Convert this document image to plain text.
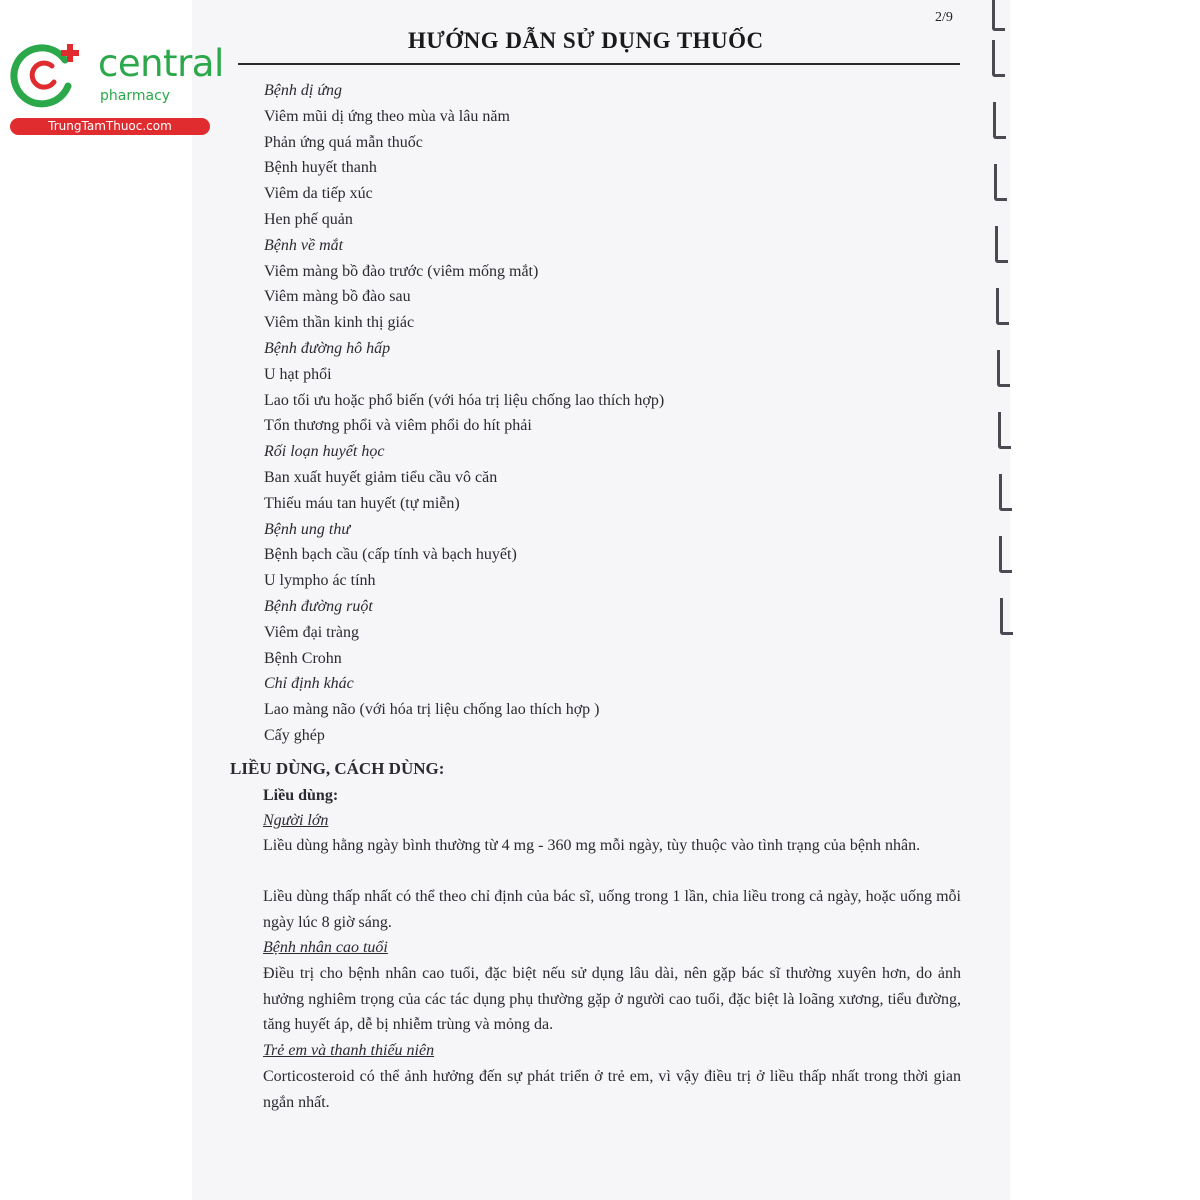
central
pharmacy
TrungTamThuoc.com
2/9
HƯỚNG DẪN SỬ DỤNG THUỐC
Bệnh dị ứng
Viêm mũi dị ứng theo mùa và lâu năm
Phản ứng quá mẫn thuốc
Bệnh huyết thanh
Viêm da tiếp xúc
Hen phế quản
Bệnh về mắt
Viêm màng bồ đào trước (viêm mống mắt)
Viêm màng bồ đào sau
Viêm thần kinh thị giác
Bệnh đường hô hấp
U hạt phổi
Lao tối ưu hoặc phổ biến (với hóa trị liệu chống lao thích hợp)
Tổn thương phổi và viêm phổi do hít phải
Rối loạn huyết học
Ban xuất huyết giảm tiểu cầu vô căn
Thiếu máu tan huyết (tự miễn)
Bệnh ung thư
Bệnh bạch cầu (cấp tính và bạch huyết)
U lympho ác tính
Bệnh đường ruột
Viêm đại tràng
Bệnh Crohn
Chỉ định khác
Lao màng não (với hóa trị liệu chống lao thích hợp )
Cấy ghép
LIỀU DÙNG, CÁCH DÙNG:
Liều dùng:
Người lớn
Liều dùng hằng ngày bình thường từ 4 mg - 360 mg mỗi ngày, tùy thuộc vào tình trạng của bệnh nhân.
Liều dùng thấp nhất có thể theo chỉ định của bác sĩ, uống trong 1 lần, chia liều trong cả ngày, hoặc uống mỗi ngày lúc 8 giờ sáng.
Bệnh nhân cao tuổi
Điều trị cho bệnh nhân cao tuổi, đặc biệt nếu sử dụng lâu dài, nên gặp bác sĩ thường xuyên hơn, do ảnh hưởng nghiêm trọng của các tác dụng phụ thường gặp ở người cao tuổi, đặc biệt là loãng xương, tiểu đường, tăng huyết áp, dễ bị nhiễm trùng và mỏng da.
Trẻ em và thanh thiếu niên
Corticosteroid có thể ảnh hưởng đến sự phát triển ở trẻ em, vì vậy điều trị ở liều thấp nhất trong thời gian ngắn nhất.
